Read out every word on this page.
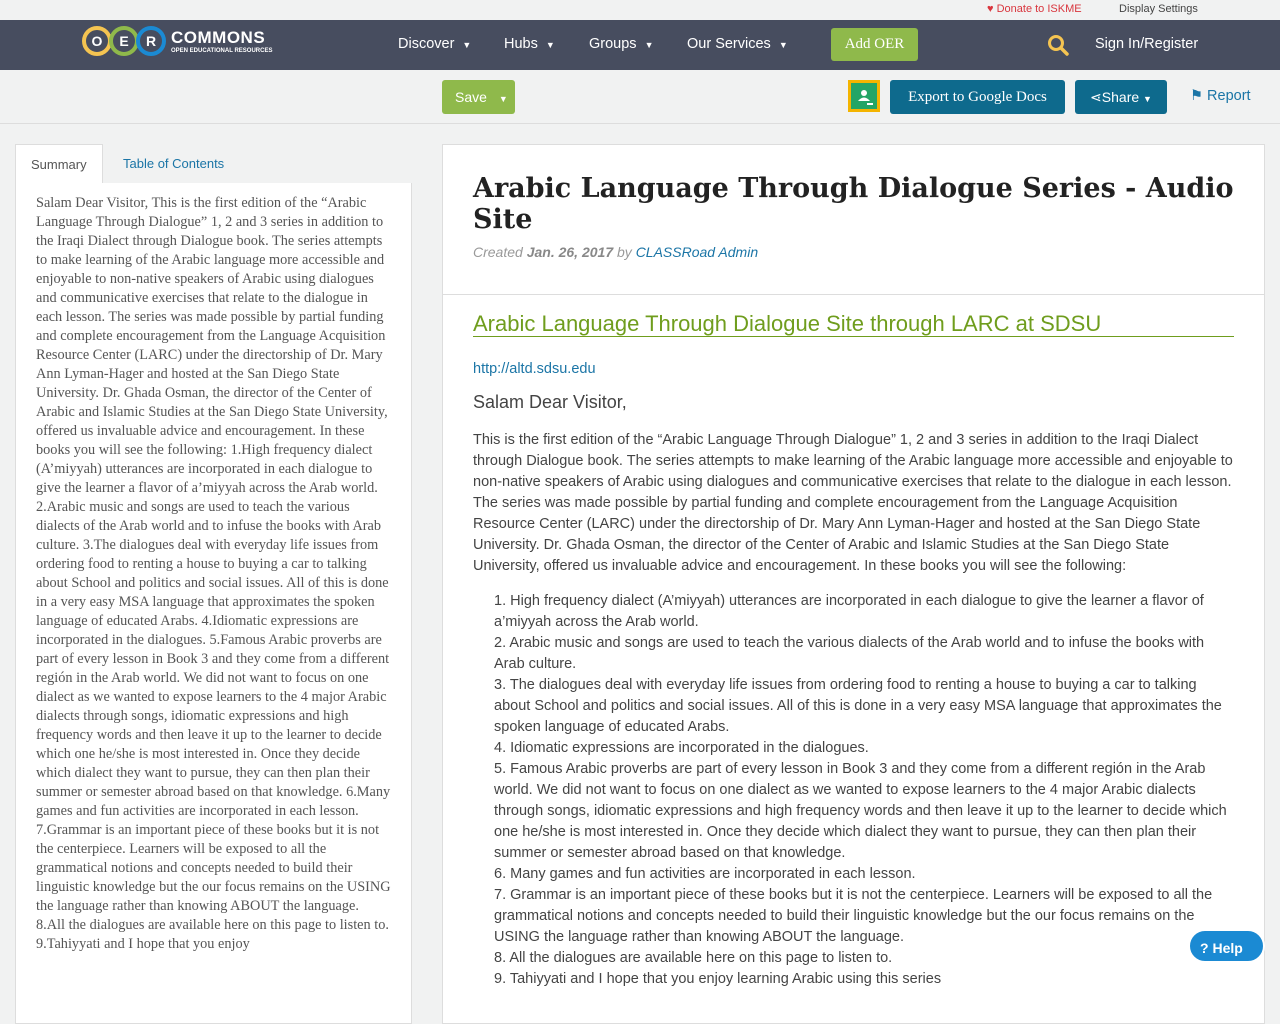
♥ Donate to ISKME	Display Settings
O	E	R COMMONS
OPEN EDUCATIONAL RESOURCES	Discover ▼ Hubs ▼ Groups ▼ Our Services ▼	Add OER	Sign In/Register
Save ▼	Export to Google Docs	⋖Share ▼	⚑ Report
Summary	Table of Contents

Salam Dear Visitor, This is the first edition of the “Arabic Language Through Dialogue” 1, 2 and 3 series in addition to the Iraqi Dialect through Dialogue book. The series attempts to make learning of the Arabic language more accessible and enjoyable to non-native speakers of Arabic using dialogues and communicative exercises that relate to the dialogue in each lesson. The series was made possible by partial funding and complete encouragement from the Language Acquisition Resource Center (LARC) under the directorship of Dr. Mary Ann Lyman-Hager and hosted at the San Diego State University. Dr. Ghada Osman, the director of the Center of Arabic and Islamic Studies at the San Diego State University, offered us invaluable advice and encouragement. In these books you will see the following: 1.High frequency dialect (A’miyyah) utterances are incorporated in each dialogue to give the learner a flavor of a’miyyah across the Arab world. 2.Arabic music and songs are used to teach the various dialects of the Arab world and to infuse the books with Arab culture. 3.The dialogues deal with everyday life issues from ordering food to renting a house to buying a car to talking about School and politics and social issues. All of this is done in a very easy MSA language that approximates the spoken language of educated Arabs. 4.Idiomatic expressions are incorporated in the dialogues. 5.Famous Arabic proverbs are part of every lesson in Book 3 and they come from a different región in the Arab world. We did not want to focus on one dialect as we wanted to expose learners to the 4 major Arabic dialects through songs, idiomatic expressions and high frequency words and then leave it up to the learner to decide which one he/she is most interested in. Once they decide which dialect they want to pursue, they can then plan their summer or semester abroad based on that knowledge. 6.Many games and fun activities are incorporated in each lesson. 7.Grammar is an important piece of these books but it is not the centerpiece. Learners will be exposed to all the grammatical notions and concepts needed to build their linguistic knowledge but the our focus remains on the USING the language rather than knowing ABOUT the language. 8.All the dialogues are available here on this page to listen to. 9.Tahiyyati and I hope that you enjoy

Arabic Language Through Dialogue Series - Audio Site
Created Jan. 26, 2017 by CLASSRoad Admin
Arabic Language Through Dialogue Site through LARC at SDSU
http://altd.sdsu.edu
Salam Dear Visitor,

This is the first edition of the “Arabic Language Through Dialogue” 1, 2 and 3 series in addition to the Iraqi Dialect through Dialogue book. The series attempts to make learning of the Arabic language more accessible and enjoyable to non-native speakers of Arabic using dialogues and communicative exercises that relate to the dialogue in each lesson. The series was made possible by partial funding and complete encouragement from the Language Acquisition Resource Center (LARC) under the directorship of Dr. Mary Ann Lyman-Hager and hosted at the San Diego State University. Dr. Ghada Osman, the director of the Center of Arabic and Islamic Studies at the San Diego State University, offered us invaluable advice and encouragement. In these books you will see the following:

1. High frequency dialect (A’miyyah) utterances are incorporated in each dialogue to give the learner a flavor of a’miyyah across the Arab world.
2. Arabic music and songs are used to teach the various dialects of the Arab world and to infuse the books with Arab culture.
3. The dialogues deal with everyday life issues from ordering food to renting a house to buying a car to talking about School and politics and social issues. All of this is done in a very easy MSA language that approximates the spoken language of educated Arabs.
4. Idiomatic expressions are incorporated in the dialogues.
5. Famous Arabic proverbs are part of every lesson in Book 3 and they come from a different región in the Arab world. We did not want to focus on one dialect as we wanted to expose learners to the 4 major Arabic dialects through songs, idiomatic expressions and high frequency words and then leave it up to the learner to decide which one he/she is most interested in. Once they decide which dialect they want to pursue, they can then plan their summer or semester abroad based on that knowledge.
6. Many games and fun activities are incorporated in each lesson.
7. Grammar is an important piece of these books but it is not the centerpiece. Learners will be exposed to all the grammatical notions and concepts needed to build their linguistic knowledge but the our focus remains on the USING the language rather than knowing ABOUT the language.
8. All the dialogues are available here on this page to listen to.
9. Tahiyyati and I hope that you enjoy learning Arabic using this series
? Help
